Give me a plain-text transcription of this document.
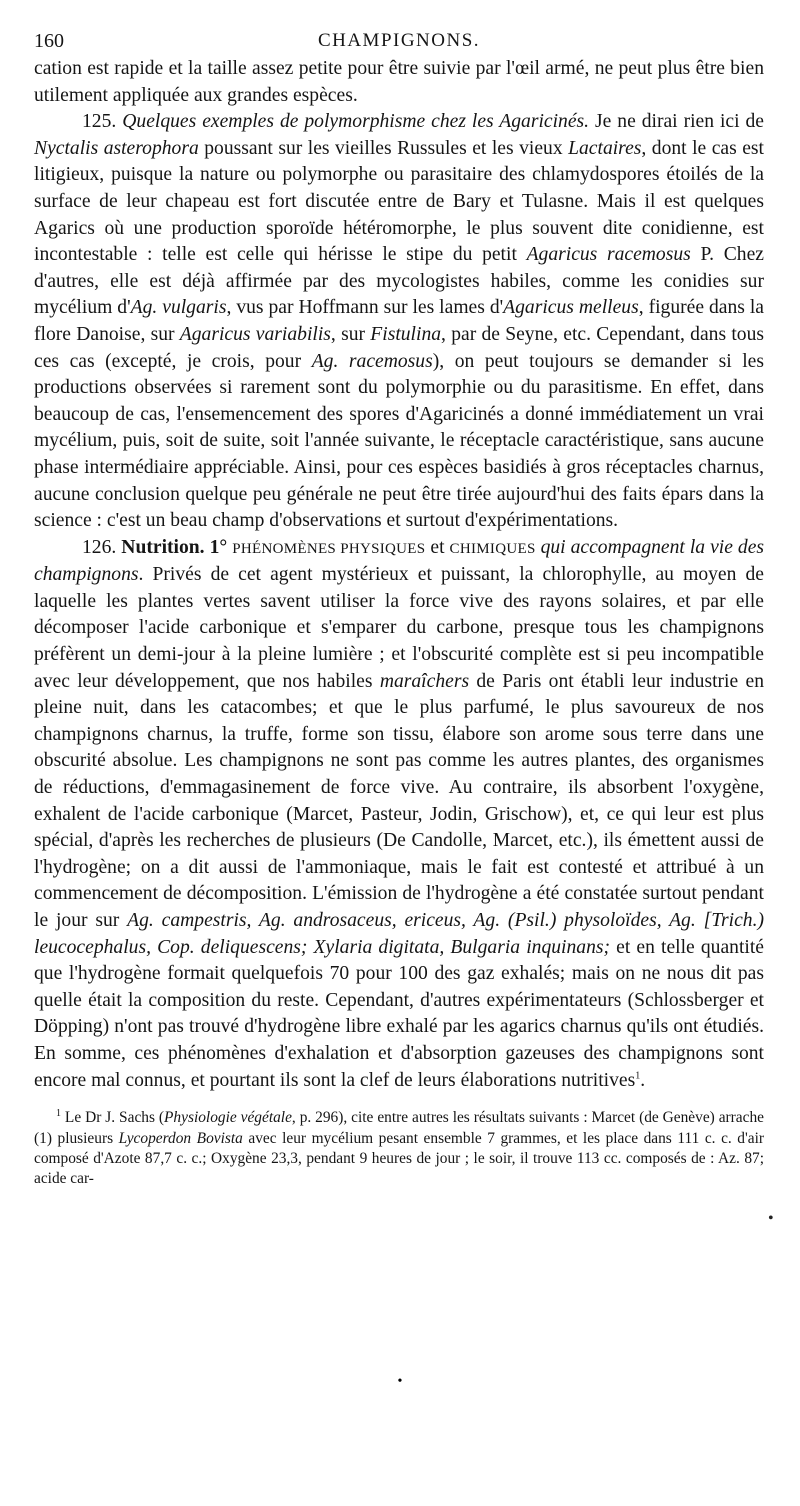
160	CHAMPIGNONS.

cation est rapide et la taille assez petite pour être suivie par l'œil armé, ne peut plus être bien utilement appliquée aux grandes espèces.

125. Quelques exemples de polymorphisme chez les Agaricinés. Je ne dirai rien ici de Nyctalis asterophora poussant sur les vieilles Russules et les vieux Lactaires, dont le cas est litigieux, puisque la nature ou polymorphe ou parasitaire des chlamydospores étoilés de la surface de leur chapeau est fort discutée entre de Bary et Tulasne. Mais il est quelques Agarics où une production sporoïde hétéromorphe, le plus souvent dite conidienne, est incontestable : telle est celle qui hérisse le stipe du petit Agaricus racemosus P. Chez d'autres, elle est déjà affirmée par des mycologistes habiles, comme les conidies sur mycélium d'Ag. vulgaris, vus par Hoffmann sur les lames d'Agaricus melleus, figurée dans la flore Danoise, sur Agaricus variabilis, sur Fistulina, par de Seyne, etc. Cependant, dans tous ces cas (excepté, je crois, pour Ag. racemosus), on peut toujours se demander si les productions observées si rarement sont du polymorphie ou du parasitisme. En effet, dans beaucoup de cas, l'ensemencement des spores d'Agaricinés a donné immédiatement un vrai mycélium, puis, soit de suite, soit l'année suivante, le réceptacle caractéristique, sans aucune phase intermédiaire appréciable. Ainsi, pour ces espèces basidiés à gros réceptacles charnus, aucune conclusion quelque peu générale ne peut être tirée aujourd'hui des faits épars dans la science : c'est un beau champ d'observations et surtout d'expérimentations.

126. Nutrition. 1° PHÉNOMÈNES PHYSIQUES et CHIMIQUES qui accompagnent la vie des champignons. Privés de cet agent mystérieux et puissant, la chlorophylle, au moyen de laquelle les plantes vertes savent utiliser la force vive des rayons solaires, et par elle décomposer l'acide carbonique et s'emparer du carbone, presque tous les champignons préfèrent un demi-jour à la pleine lumière ; et l'obscurité complète est si peu incompatible avec leur développement, que nos habiles maraîchers de Paris ont établi leur industrie en pleine nuit, dans les catacombes; et que le plus parfumé, le plus savoureux de nos champignons charnus, la truffe, forme son tissu, élabore son arome sous terre dans une obscurité absolue. Les champignons ne sont pas comme les autres plantes, des organismes de réductions, d'emmagasinement de force vive. Au contraire, ils absorbent l'oxygène, exhalent de l'acide carbonique (Marcet, Pasteur, Jodin, Grischow), et, ce qui leur est plus spécial, d'après les recherches de plusieurs (De Candolle, Marcet, etc.), ils émettent aussi de l'hydrogène; on a dit aussi de l'ammoniaque, mais le fait est contesté et attribué à un commencement de décomposition. L'émission de l'hydrogène a été constatée surtout pendant le jour sur Ag. campestris, Ag. androsaceus, ericeus, Ag. (Psil.) physoloïdes, Ag. [Trich.) leucocephalus, Cop. deliquescens; Xylaria digitata, Bulgaria inquinans; et en telle quantité que l'hydrogène formait quelquefois 70 pour 100 des gaz exhalés; mais on ne nous dit pas quelle était la composition du reste. Cependant, d'autres expérimentateurs (Schlossberger et Döpping) n'ont pas trouvé d'hydrogène libre exhalé par les agarics charnus qu'ils ont étudiés. En somme, ces phénomènes d'exhalation et d'absorption gazeuses des champignons sont encore mal connus, et pourtant ils sont la clef de leurs élaborations nutritives$^1$.

$^1$ Le Dr J. Sachs (Physiologie végétale, p. 296), cite entre autres les résultats suivants : Marcet (de Genève) arrache (1) plusieurs Lycoperdon Bovista avec leur mycélium pesant ensemble 7 grammes, et les place dans 111 c. c. d'air composé d'Azote 87,7 c. c.; Oxygène 23,3, pendant 9 heures de jour ; le soir, il trouve 113 cc. composés de : Az. 87; acide car-

•
•
